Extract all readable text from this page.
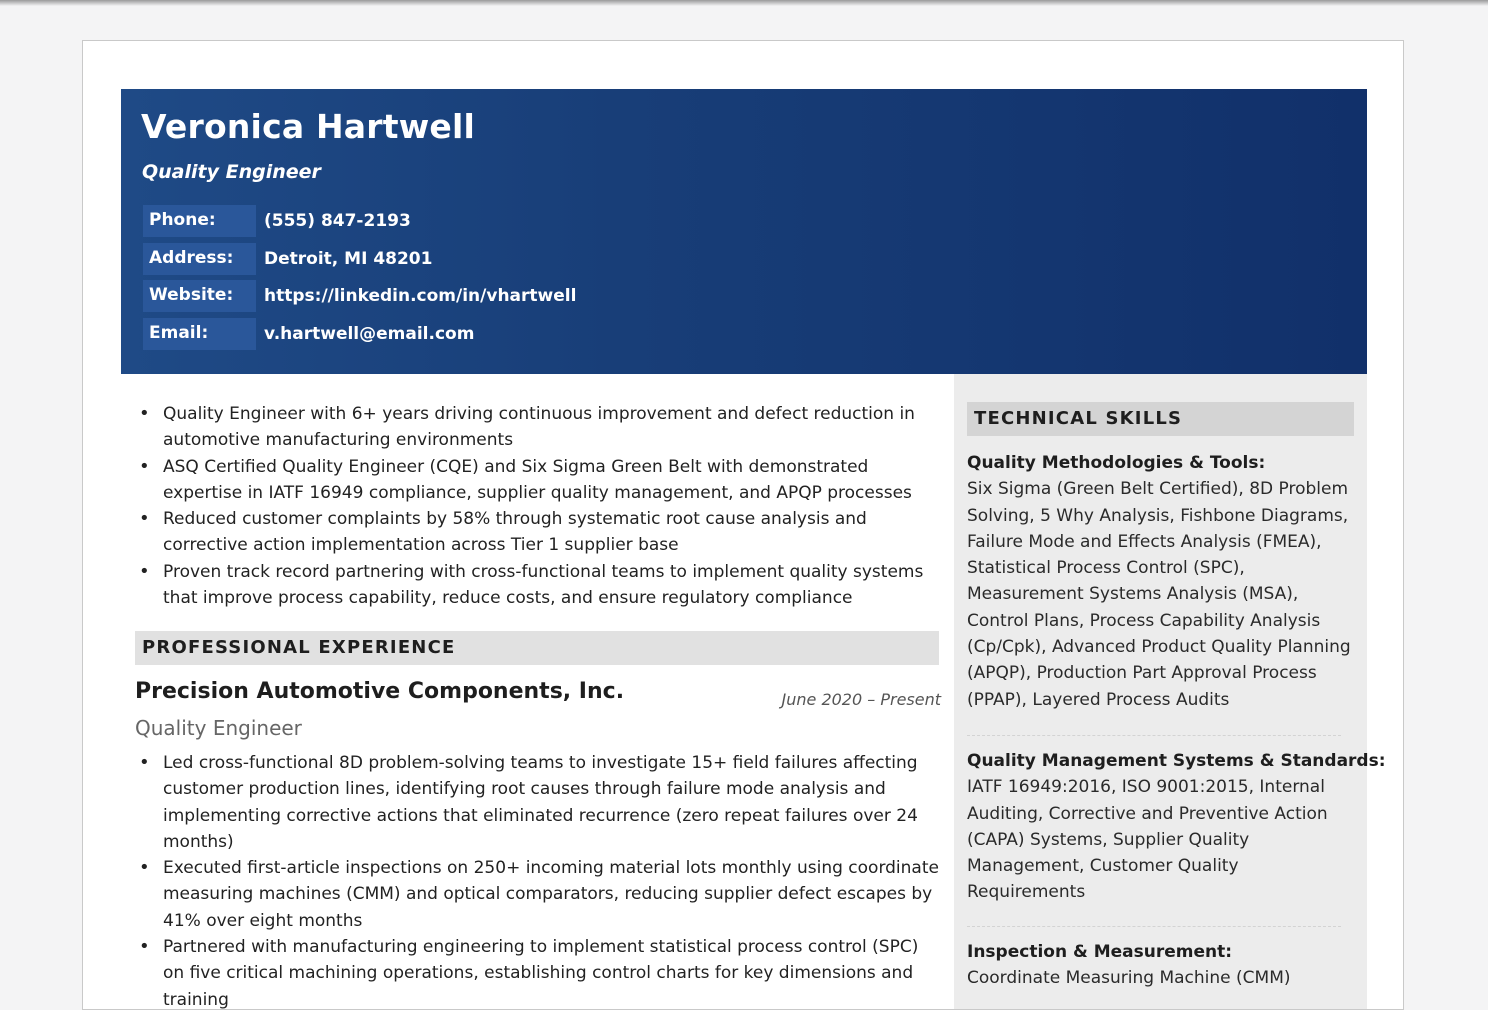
Veronica Hartwell
Quality Engineer
Phone:	(555) 847-2193
Address:	Detroit, MI 48201
Website:	https://linkedin.com/in/vhartwell
Email:	v.hartwell@email.com
• Quality Engineer with 6+ years driving continuous improvement and defect reduction in automotive manufacturing environments
• ASQ Certified Quality Engineer (CQE) and Six Sigma Green Belt with demonstrated expertise in IATF 16949 compliance, supplier quality management, and APQP processes
• Reduced customer complaints by 58% through systematic root cause analysis and corrective action implementation across Tier 1 supplier base
• Proven track record partnering with cross-functional teams to implement quality systems that improve process capability, reduce costs, and ensure regulatory compliance
PROFESSIONAL EXPERIENCE
Precision Automotive Components, Inc.	June 2020 – Present
Quality Engineer
• Led cross-functional 8D problem-solving teams to investigate 15+ field failures affecting customer production lines, identifying root causes through failure mode analysis and implementing corrective actions that eliminated recurrence (zero repeat failures over 24 months)
• Executed first-article inspections on 250+ incoming material lots monthly using coordinate measuring machines (CMM) and optical comparators, reducing supplier defect escapes by 41% over eight months
• Partnered with manufacturing engineering to implement statistical process control (SPC) on five critical machining operations, establishing control charts for key dimensions and training
TECHNICAL SKILLS
Quality Methodologies & Tools:
Six Sigma (Green Belt Certified), 8D Problem Solving, 5 Why Analysis, Fishbone Diagrams, Failure Mode and Effects Analysis (FMEA), Statistical Process Control (SPC), Measurement Systems Analysis (MSA), Control Plans, Process Capability Analysis (Cp/Cpk), Advanced Product Quality Planning (APQP), Production Part Approval Process (PPAP), Layered Process Audits
Quality Management Systems & Standards:
IATF 16949:2016, ISO 9001:2015, Internal Auditing, Corrective and Preventive Action (CAPA) Systems, Supplier Quality Management, Customer Quality Requirements
Inspection & Measurement:
Coordinate Measuring Machine (CMM)
